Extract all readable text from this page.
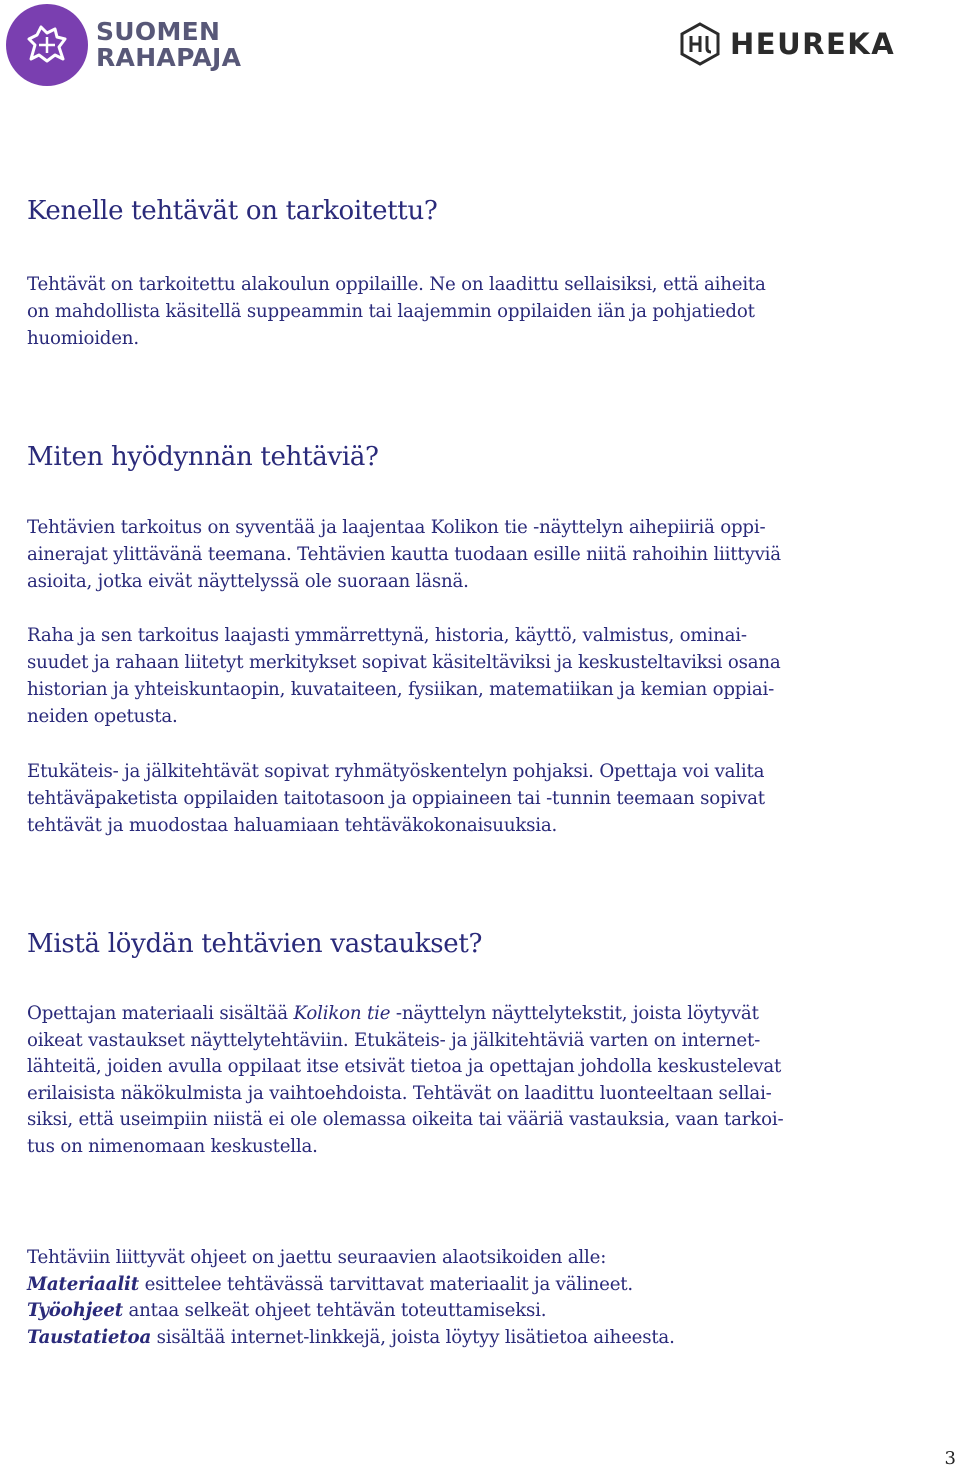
SUOMEN
RAHAPAJA	HEUREKA
Kenelle tehtävät on tarkoitettu?

Tehtävät on tarkoitettu alakoulun oppilaille. Ne on laadittu sellaisiksi, että aiheita
on mahdollista käsitellä suppeammin tai laajemmin oppilaiden iän ja pohjatiedot
huomioiden.

Miten hyödynnän tehtäviä?

Tehtävien tarkoitus on syventää ja laajentaa Kolikon tie -näyttelyn aihepiiriä oppi-
ainerajat ylittävänä teemana. Tehtävien kautta tuodaan esille niitä rahoihin liittyviä
asioita, jotka eivät näyttelyssä ole suoraan läsnä.

Raha ja sen tarkoitus laajasti ymmärrettynä, historia, käyttö, valmistus, ominai-
suudet ja rahaan liitetyt merkitykset sopivat käsiteltäviksi ja keskusteltaviksi osana
historian ja yhteiskuntaopin, kuvataiteen, fysiikan, matematiikan ja kemian oppiai-
neiden opetusta.

Etukäteis- ja jälkitehtävät sopivat ryhmätyöskentelyn pohjaksi. Opettaja voi valita
tehtäväpaketista oppilaiden taitotasoon ja oppiaineen tai -tunnin teemaan sopivat
tehtävät ja muodostaa haluamiaan tehtäväkokonaisuuksia.

Mistä löydän tehtävien vastaukset?

Opettajan materiaali sisältää Kolikon tie -näyttelyn näyttelytekstit, joista löytyvät
oikeat vastaukset näyttelytehtäviin. Etukäteis- ja jälkitehtäviä varten on internet-
lähteitä, joiden avulla oppilaat itse etsivät tietoa ja opettajan johdolla keskustelevat
erilaisista näkökulmista ja vaihtoehdoista. Tehtävät on laadittu luonteeltaan sellai-
siksi, että useimpiin niistä ei ole olemassa oikeita tai vääriä vastauksia, vaan tarkoi-
tus on nimenomaan keskustella.

Tehtäviin liittyvät ohjeet on jaettu seuraavien alaotsikoiden alle:
Materiaalit esittelee tehtävässä tarvittavat materiaalit ja välineet.
Työohjeet antaa selkeät ohjeet tehtävän toteuttamiseksi.
Taustatietoa sisältää internet-linkkejä, joista löytyy lisätietoa aiheesta.

3
